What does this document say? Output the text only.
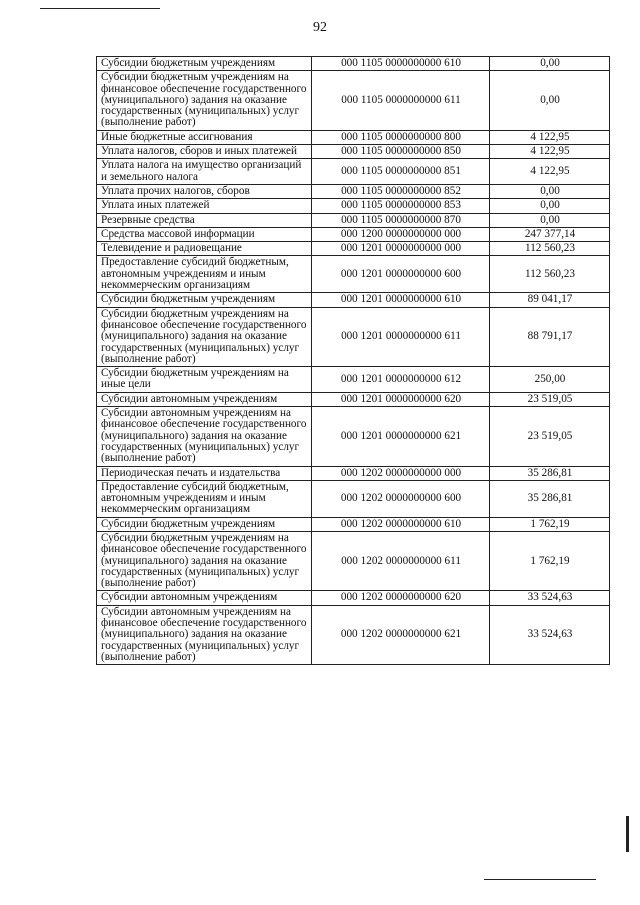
92
Субсидии бюджетным учреждениям	000 1105 0000000000 610	0,00
Субсидии бюджетным учреждениям на финансовое обеспечение государственного (муниципального) задания на оказание государственных (муниципальных) услуг (выполнение работ)	000 1105 0000000000 611	0,00
Иные бюджетные ассигнования	000 1105 0000000000 800	4 122,95
Уплата налогов, сборов и иных платежей	000 1105 0000000000 850	4 122,95
Уплата налога на имущество организаций и земельного налога	000 1105 0000000000 851	4 122,95
Уплата прочих налогов, сборов	000 1105 0000000000 852	0,00
Уплата иных платежей	000 1105 0000000000 853	0,00
Резервные средства	000 1105 0000000000 870	0,00
Средства массовой информации	000 1200 0000000000 000	247 377,14
Телевидение и радиовещание	000 1201 0000000000 000	112 560,23
Предоставление субсидий бюджетным, автономным учреждениям и иным некоммерческим организациям	000 1201 0000000000 600	112 560,23
Субсидии бюджетным учреждениям	000 1201 0000000000 610	89 041,17
Субсидии бюджетным учреждениям на финансовое обеспечение государственного (муниципального) задания на оказание государственных (муниципальных) услуг (выполнение работ)	000 1201 0000000000 611	88 791,17
Субсидии бюджетным учреждениям на иные цели	000 1201 0000000000 612	250,00
Субсидии автономным учреждениям	000 1201 0000000000 620	23 519,05
Субсидии автономным учреждениям на финансовое обеспечение государственного (муниципального) задания на оказание государственных (муниципальных) услуг (выполнение работ)	000 1201 0000000000 621	23 519,05
Периодическая печать и издательства	000 1202 0000000000 000	35 286,81
Предоставление субсидий бюджетным, автономным учреждениям и иным некоммерческим организациям	000 1202 0000000000 600	35 286,81
Субсидии бюджетным учреждениям	000 1202 0000000000 610	1 762,19
Субсидии бюджетным учреждениям на финансовое обеспечение государственного (муниципального) задания на оказание государственных (муниципальных) услуг (выполнение работ)	000 1202 0000000000 611	1 762,19
Субсидии автономным учреждениям	000 1202 0000000000 620	33 524,63
Субсидии автономным учреждениям на финансовое обеспечение государственного (муниципального) задания на оказание государственных (муниципальных) услуг (выполнение работ)	000 1202 0000000000 621	33 524,63
